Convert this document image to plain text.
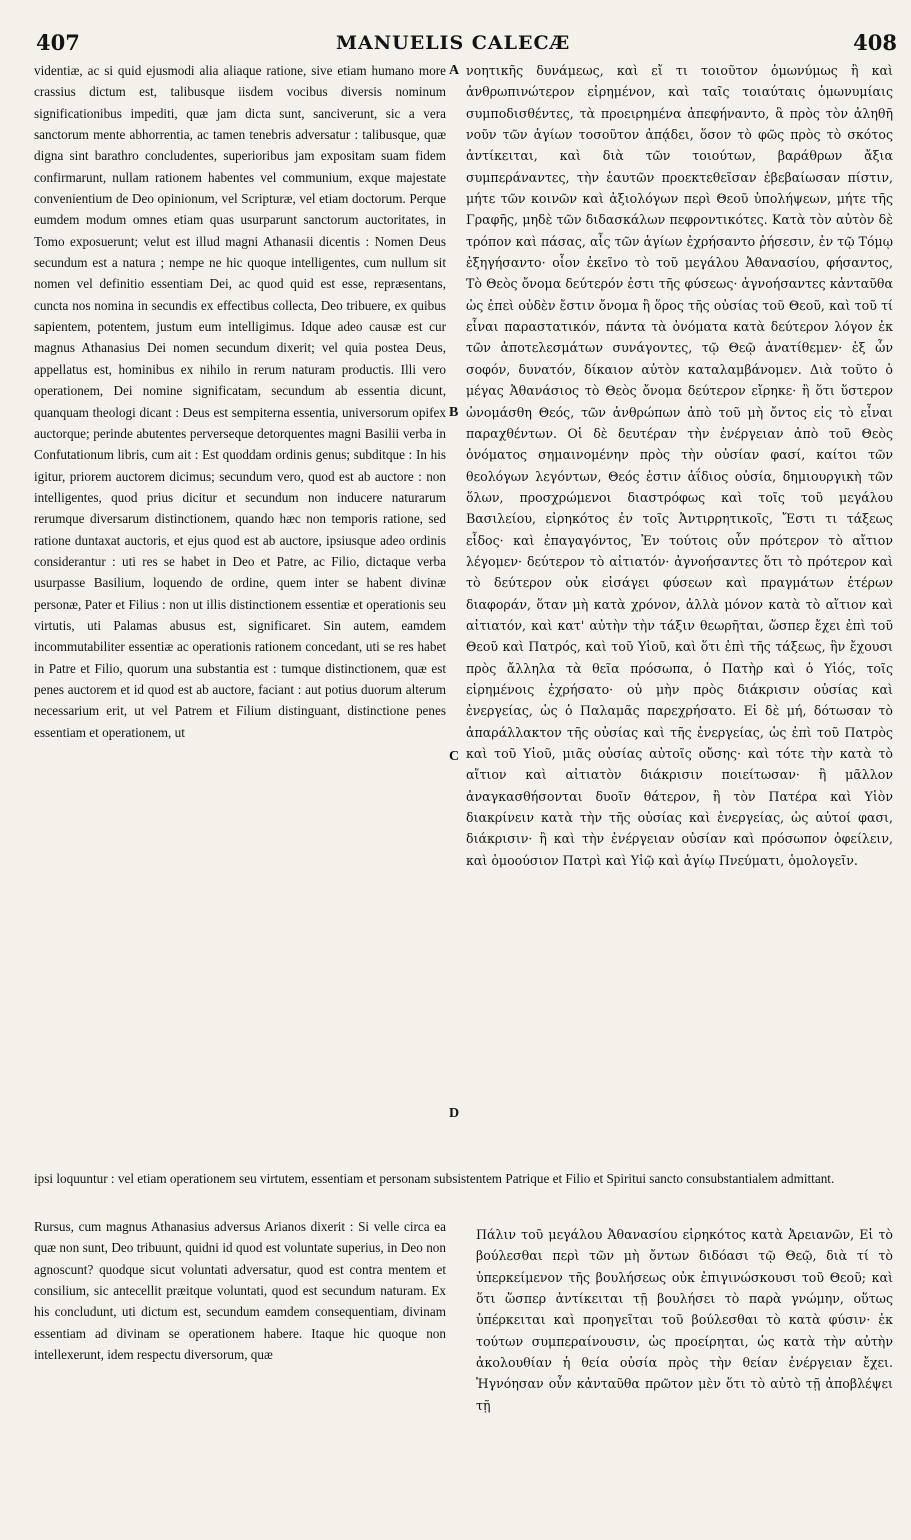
407	MANUELIS CALECÆ	408
videntiæ, ac si quid ejusmodi alia aliaque ratione, sive etiam humano more crassius dictum est, talibusque iisdem vocibus diversis nominum significationibus impediti, quæ jam dicta sunt, sanciverunt, sic a vera sanctorum mente abhorrentia, ac tamen tenebris adversatur : talibusque, quæ digna sint barathro concludentes, superioribus jam expositam suam fidem confirmarunt, nullam rationem habentes vel communium, exque majestate convenientium de Deo opinionum, vel Scripturæ, vel etiam doctorum. Perque eumdem modum omnes etiam quas usurparunt sanctorum auctoritates, in Tomo exposuerunt; velut est illud magni Athanasii dicentis : Nomen Deus secundum est a natura ; nempe ne hic quoque intelligentes, cum nullum sit nomen vel definitio essentiam Dei, ac quod quid est esse, repræsentans, cuncta nos nomina in secundis ex effectibus collecta, Deo tribuere, ex quibus sapientem, potentem, justum eum intelligimus. Idque adeo causæ est cur magnus Athanasius Dei nomen secundum dixerit; vel quia postea Deus, appellatus est, hominibus ex nihilo in rerum naturam productis. Illi vero operationem, Dei nomine significatam, secundum ab essentia dicunt, quanquam theologi dicant : Deus est sempiterna essentia, universorum opifex auctorque; perinde abutentes perverseque detorquentes magni Basilii verba in Confutationum libris, cum ait : Est quoddam ordinis genus; subditque : In his igitur, priorem auctorem dicimus; secundum vero, quod est ab auctore : non intelligentes, quod prius dicitur et secundum non inducere naturarum rerumque diversarum distinctionem, quando hæc non temporis ratione, sed ratione duntaxat auctoris, et ejus quod est ab auctore, ipsiusque adeo ordinis considerantur : uti res se habet in Deo et Patre, ac Filio, dictaque verba usurpasse Basilium, loquendo de ordine, quem inter se habent divinæ personæ, Pater et Filius : non ut illis distinctionem essentiæ et operationis seu virtutis, uti Palamas abusus est, significaret. Sin autem, eamdem incommutabiliter essentiæ ac operationis rationem concedant, uti se res habet in Patre et Filio, quorum una substantia est : tumque distinctionem, quæ est penes auctorem et id quod est ab auctore, faciant : aut potius duorum alterum necessarium erit, ut vel Patrem et Filium distinguant, distinctione penes essentiam et operationem, ut
νοητικῆς δυνάμεως, καὶ εἴ τι τοιοῦτον ὁμωνύμως ἢ καὶ ἀνθρωπινώτερον εἰρημένον, καὶ ταῖς τοιαύταις ὁμωνυμίαις συμποδισθέντες, τὰ προειρημένα ἀπεφήναντο, ἃ πρὸς τὸν ἀληθῆ νοῦν τῶν ἁγίων τοσοῦτον ἀπᾴδει, ὅσον τὸ φῶς πρὸς τὸ σκότος ἀντίκειται, καὶ διὰ τῶν τοιούτων, βαράθρων ἄξια συμπεράναντες, τὴν ἑαυτῶν προεκτεθεῖσαν ἐβεβαίωσαν πίστιν, μήτε τῶν κοινῶν καὶ ἀξιολόγων περὶ Θεοῦ ὑπολήψεων, μήτε τῆς Γραφῆς, μηδὲ τῶν διδασκάλων πεφροντικότες. Κατὰ τὸν αὐτὸν δὲ τρόπον καὶ πάσας, αἷς τῶν ἁγίων ἐχρήσαντο ῥήσεσιν, ἐν τῷ Τόμῳ ἐξηγήσαντο· οἷον ἐκεῖνο τὸ τοῦ μεγάλου Ἀθανασίου, φήσαντος, Τὸ Θεὸς ὄνομα δεύτερόν ἐστι τῆς φύσεως· ἀγνοήσαντες κἀνταῦθα ὡς ἐπεὶ οὐδὲν ἔστιν ὄνομα ἢ ὅρος τῆς οὐσίας τοῦ Θεοῦ, καὶ τοῦ τί εἶναι παραστατικόν, πάντα τὰ ὀνόματα κατὰ δεύτερον λόγον ἐκ τῶν ἀποτελεσμάτων συνάγοντες, τῷ Θεῷ ἀνατίθεμεν· ἐξ ὧν σοφόν, δυνατόν, δίκαιον αὐτὸν καταλαμβάνομεν. Διὰ τοῦτο ὁ μέγας Ἀθανάσιος τὸ Θεὸς ὄνομα δεύτερον εἴρηκε· ἢ ὅτι ὕστερον ὠνομάσθη Θεός, τῶν ἀνθρώπων ἀπὸ τοῦ μὴ ὄντος εἰς τὸ εἶναι παραχθέντων. Οἱ δὲ δευτέραν τὴν ἐνέργειαν ἀπὸ τοῦ Θεὸς ὀνόματος σημαινομένην πρὸς τὴν οὐσίαν φασί, καίτοι τῶν θεολόγων λεγόντων, Θεός ἐστιν ἀΐδιος οὐσία, δημιουργικὴ τῶν ὅλων, προσχρώμενοι διαστρόφως καὶ τοῖς τοῦ μεγάλου Βασιλείου, εἰρηκότος ἐν τοῖς Ἀντιρρητικοῖς, Ἔστι τι τάξεως εἶδος· καὶ ἐπαγαγόντος, Ἐν τούτοις οὖν πρότερον τὸ αἴτιον λέγομεν· δεύτερον τὸ αἰτιατόν· ἀγνοήσαντες ὅτι τὸ πρότερον καὶ τὸ δεύτερον οὐκ εἰσάγει φύσεων καὶ πραγμάτων ἑτέρων διαφοράν, ὅταν μὴ κατὰ χρόνον, ἀλλὰ μόνον κατὰ τὸ αἴτιον καὶ αἰτιατόν, καὶ κατ' αὐτὴν τὴν τάξιν θεωρῆται, ὥσπερ ἔχει ἐπὶ τοῦ Θεοῦ καὶ Πατρός, καὶ τοῦ Υἱοῦ, καὶ ὅτι ἐπὶ τῆς τάξεως, ἣν ἔχουσι πρὸς ἄλληλα τὰ θεῖα πρόσωπα, ὁ Πατὴρ καὶ ὁ Υἱός, τοῖς εἰρημένοις ἐχρήσατο· οὐ μὴν πρὸς διάκρισιν οὐσίας καὶ ἐνεργείας, ὡς ὁ Παλαμᾶς παρεχρήσατο. Εἰ δὲ μή, δότωσαν τὸ ἀπαράλλακτον τῆς οὐσίας καὶ τῆς ἐνεργείας, ὡς ἐπὶ τοῦ Πατρὸς καὶ τοῦ Υἱοῦ, μιᾶς οὐσίας αὐτοῖς οὔσης· καὶ τότε τὴν κατὰ τὸ αἴτιον καὶ αἰτιατὸν διάκρισιν ποιείτωσαν· ἢ μᾶλλον ἀναγκασθήσονται δυοῖν θάτερον, ἢ τὸν Πατέρα καὶ Υἱὸν διακρίνειν κατὰ τὴν τῆς οὐσίας καὶ ἐνεργείας, ὡς αὐτοί φασι, διάκρισιν· ἢ καὶ τὴν ἐνέργειαν οὐσίαν καὶ πρόσωπον ὀφείλειν, καὶ ὁμοούσιον Πατρὶ καὶ Υἱῷ καὶ ἁγίῳ Πνεύματι, ὁμολογεῖν.
A
B
C
D
ipsi loquuntur : vel etiam operationem seu virtutem, essentiam et personam subsistentem Patrique et Filio et Spiritui sancto consubstantialem admittant.
Rursus, cum magnus Athanasius adversus Arianos dixerit : Si velle circa ea quæ non sunt, Deo tribuunt, quidni id quod est voluntate superius, in Deo non agnoscunt? quodque sicut voluntati adversatur, quod est contra mentem et consilium, sic antecellit præitque voluntati, quod est secundum naturam. Ex his concludunt, uti dictum est, secundum eamdem consequentiam, divinam essentiam ad divinam se operationem habere. Itaque hic quoque non intellexerunt, idem respectu diversorum, quæ
Πάλιν τοῦ μεγάλου Ἀθανασίου εἰρηκότος κατὰ Ἀρειανῶν, Εἰ τὸ βούλεσθαι περὶ τῶν μὴ ὄντων διδόασι τῷ Θεῷ, διὰ τί τὸ ὑπερκείμενον τῆς βουλήσεως οὐκ ἐπιγινώσκουσι τοῦ Θεοῦ; καὶ ὅτι ὥσπερ ἀντίκειται τῇ βουλήσει τὸ παρὰ γνώμην, οὕτως ὑπέρκειται καὶ προηγεῖται τοῦ βούλεσθαι τὸ κατὰ φύσιν· ἐκ τούτων συμπεραίνουσιν, ὡς προείρηται, ὡς κατὰ τὴν αὐτὴν ἀκολουθίαν ἡ θεία οὐσία πρὸς τὴν θείαν ἐνέργειαν ἔχει. Ἠγνόησαν οὖν κἀνταῦθα πρῶτον μὲν ὅτι τὸ αὐτὸ τῇ ἀποβλέψει τῇ
